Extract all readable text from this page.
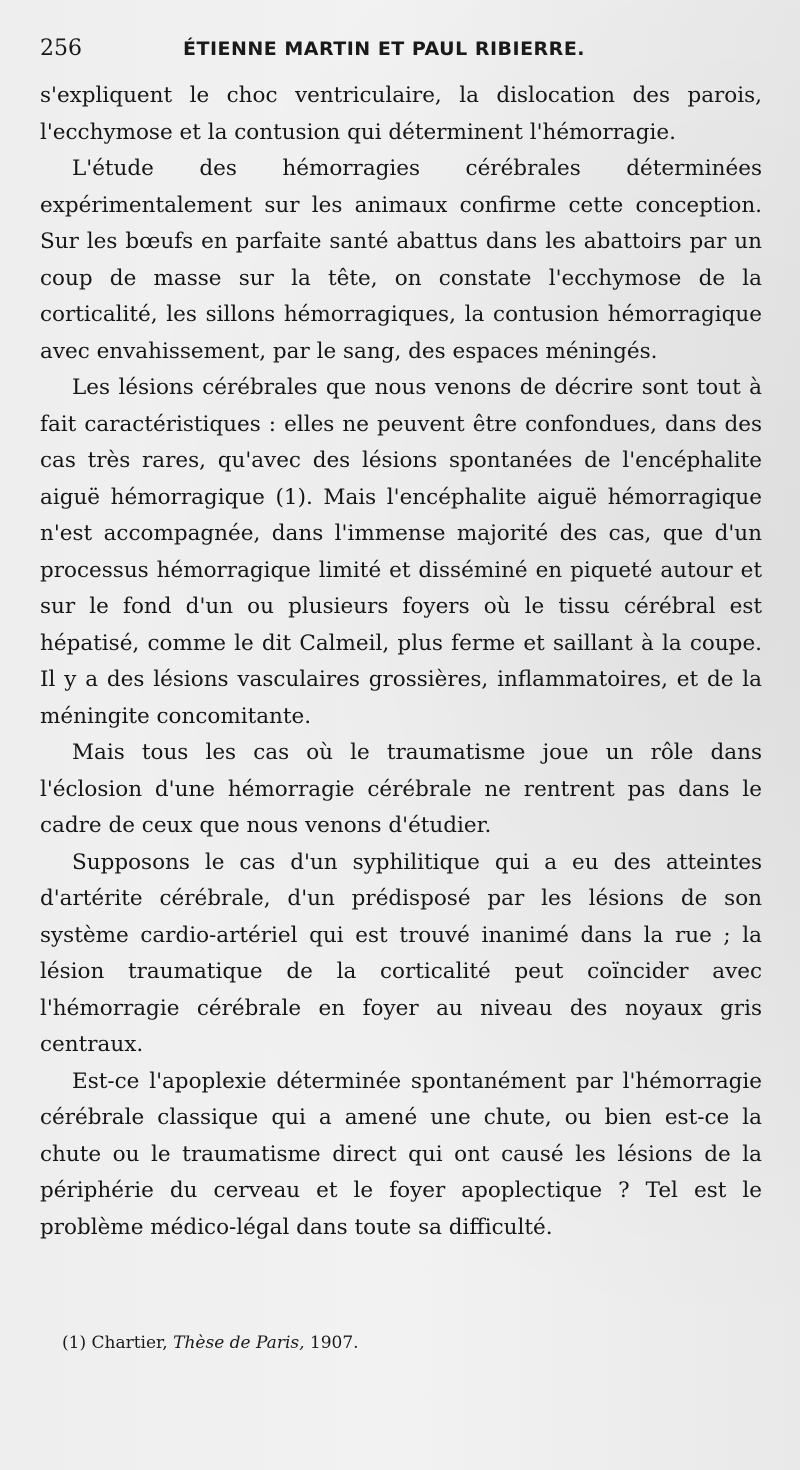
256	ÉTIENNE MARTIN ET PAUL RIBIERRE.

s'expliquent le choc ventriculaire, la dislocation des parois, l'ecchymose et la contusion qui déterminent l'hémorragie.

L'étude des hémorragies cérébrales déterminées expérimentalement sur les animaux confirme cette conception. Sur les bœufs en parfaite santé abattus dans les abattoirs par un coup de masse sur la tête, on constate l'ecchymose de la corticalité, les sillons hémorragiques, la contusion hémorragique avec envahissement, par le sang, des espaces méningés.

Les lésions cérébrales que nous venons de décrire sont tout à fait caractéristiques : elles ne peuvent être confondues, dans des cas très rares, qu'avec des lésions spontanées de l'encéphalite aiguë hémorragique (1). Mais l'encéphalite aiguë hémorragique n'est accompagnée, dans l'immense majorité des cas, que d'un processus hémorragique limité et disséminé en piqueté autour et sur le fond d'un ou plusieurs foyers où le tissu cérébral est hépatisé, comme le dit Calmeil, plus ferme et saillant à la coupe. Il y a des lésions vasculaires grossières, inflammatoires, et de la méningite concomitante.

Mais tous les cas où le traumatisme joue un rôle dans l'éclosion d'une hémorragie cérébrale ne rentrent pas dans le cadre de ceux que nous venons d'étudier.

Supposons le cas d'un syphilitique qui a eu des atteintes d'artérite cérébrale, d'un prédisposé par les lésions de son système cardio-artériel qui est trouvé inanimé dans la rue ; la lésion traumatique de la corticalité peut coïncider avec l'hémorragie cérébrale en foyer au niveau des noyaux gris centraux.

Est-ce l'apoplexie déterminée spontanément par l'hémorragie cérébrale classique qui a amené une chute, ou bien est-ce la chute ou le traumatisme direct qui ont causé les lésions de la périphérie du cerveau et le foyer apoplectique ? Tel est le problème médico-légal dans toute sa difficulté.

(1) Chartier, Thèse de Paris, 1907.
